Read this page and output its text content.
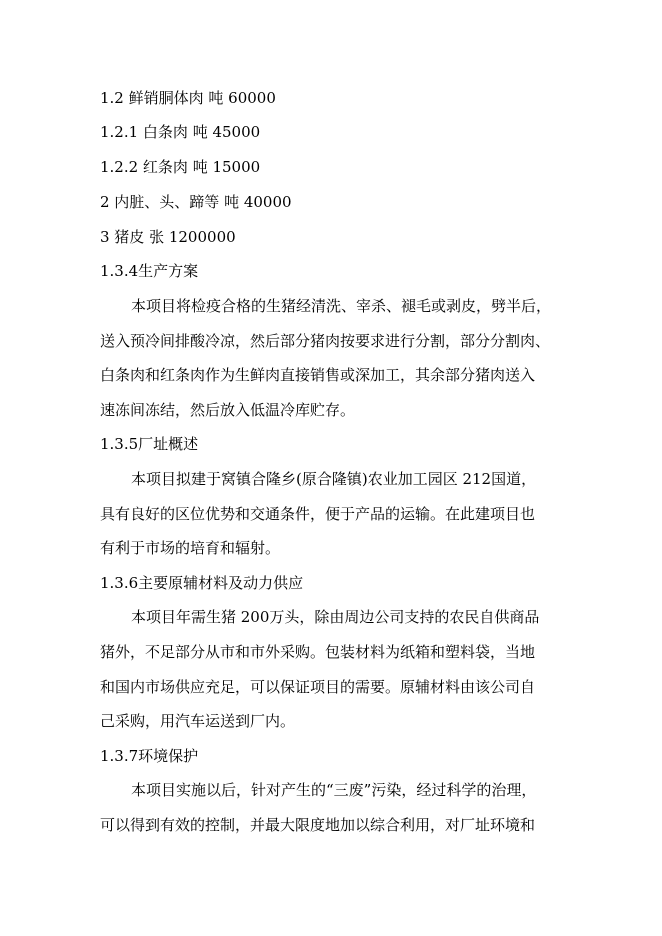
1.2 鲜销胴体肉 吨 60000
1.2.1 白条肉 吨 45000
1.2.2 红条肉 吨 15000
2 内脏、头、蹄等 吨 40000
3 猪皮 张 1200000
1.3.4生产方案
本项目将检疫合格的生猪经清洗、宰杀、褪毛或剥皮，劈半后，
送入预冷间排酸冷凉，然后部分猪肉按要求进行分割，部分分割肉、
白条肉和红条肉作为生鲜肉直接销售或深加工，其余部分猪肉送入
速冻间冻结，然后放入低温冷库贮存。
1.3.5厂址概述
本项目拟建于窝镇合隆乡(原合隆镇)农业加工园区 212国道，
具有良好的区位优势和交通条件，便于产品的运输。在此建项目也
有利于市场的培育和辐射。
1.3.6主要原辅材料及动力供应
本项目年需生猪 200万头，除由周边公司支持的农民自供商品
猪外，不足部分从市和市外采购。包装材料为纸箱和塑料袋，当地
和国内市场供应充足，可以保证项目的需要。原辅材料由该公司自
己采购，用汽车运送到厂内。
1.3.7环境保护
本项目实施以后，针对产生的“三废”污染，经过科学的治理，
可以得到有效的控制，并最大限度地加以综合利用，对厂址环境和
